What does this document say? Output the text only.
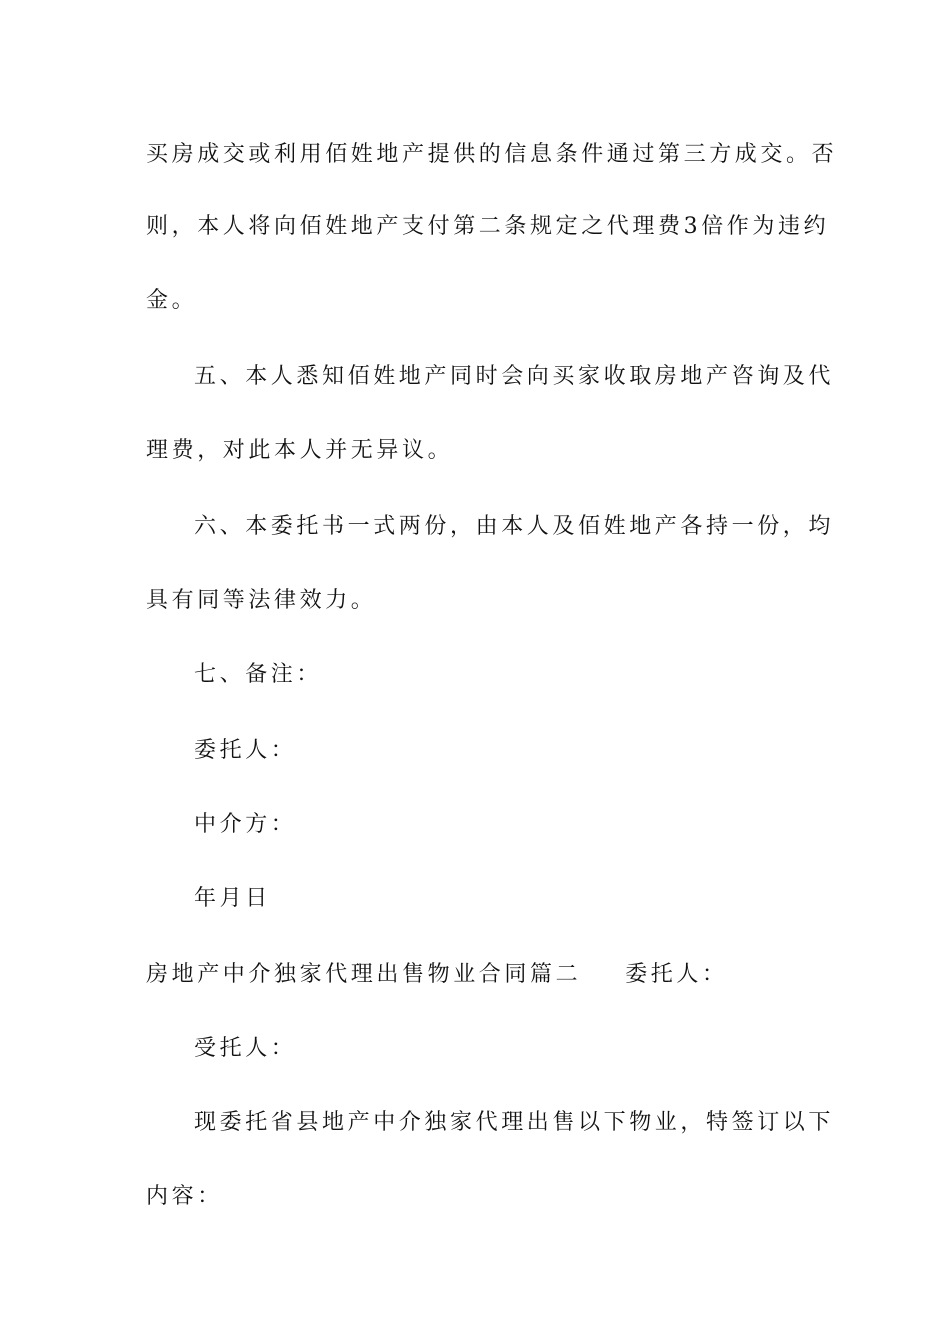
买房成交或利用佰姓地产提供的信息条件通过第三方成交。否
则，本人将向佰姓地产支付第二条规定之代理费3倍作为违约
金。
五、本人悉知佰姓地产同时会向买家收取房地产咨询及代
理费，对此本人并无异议。
六、本委托书一式两份，由本人及佰姓地产各持一份，均
具有同等法律效力。
七、备注：
委托人：
中介方：
年月日
房地产中介独家代理出售物业合同篇二 委托人：
受托人：
现委托省县地产中介独家代理出售以下物业，特签订以下
内容：
